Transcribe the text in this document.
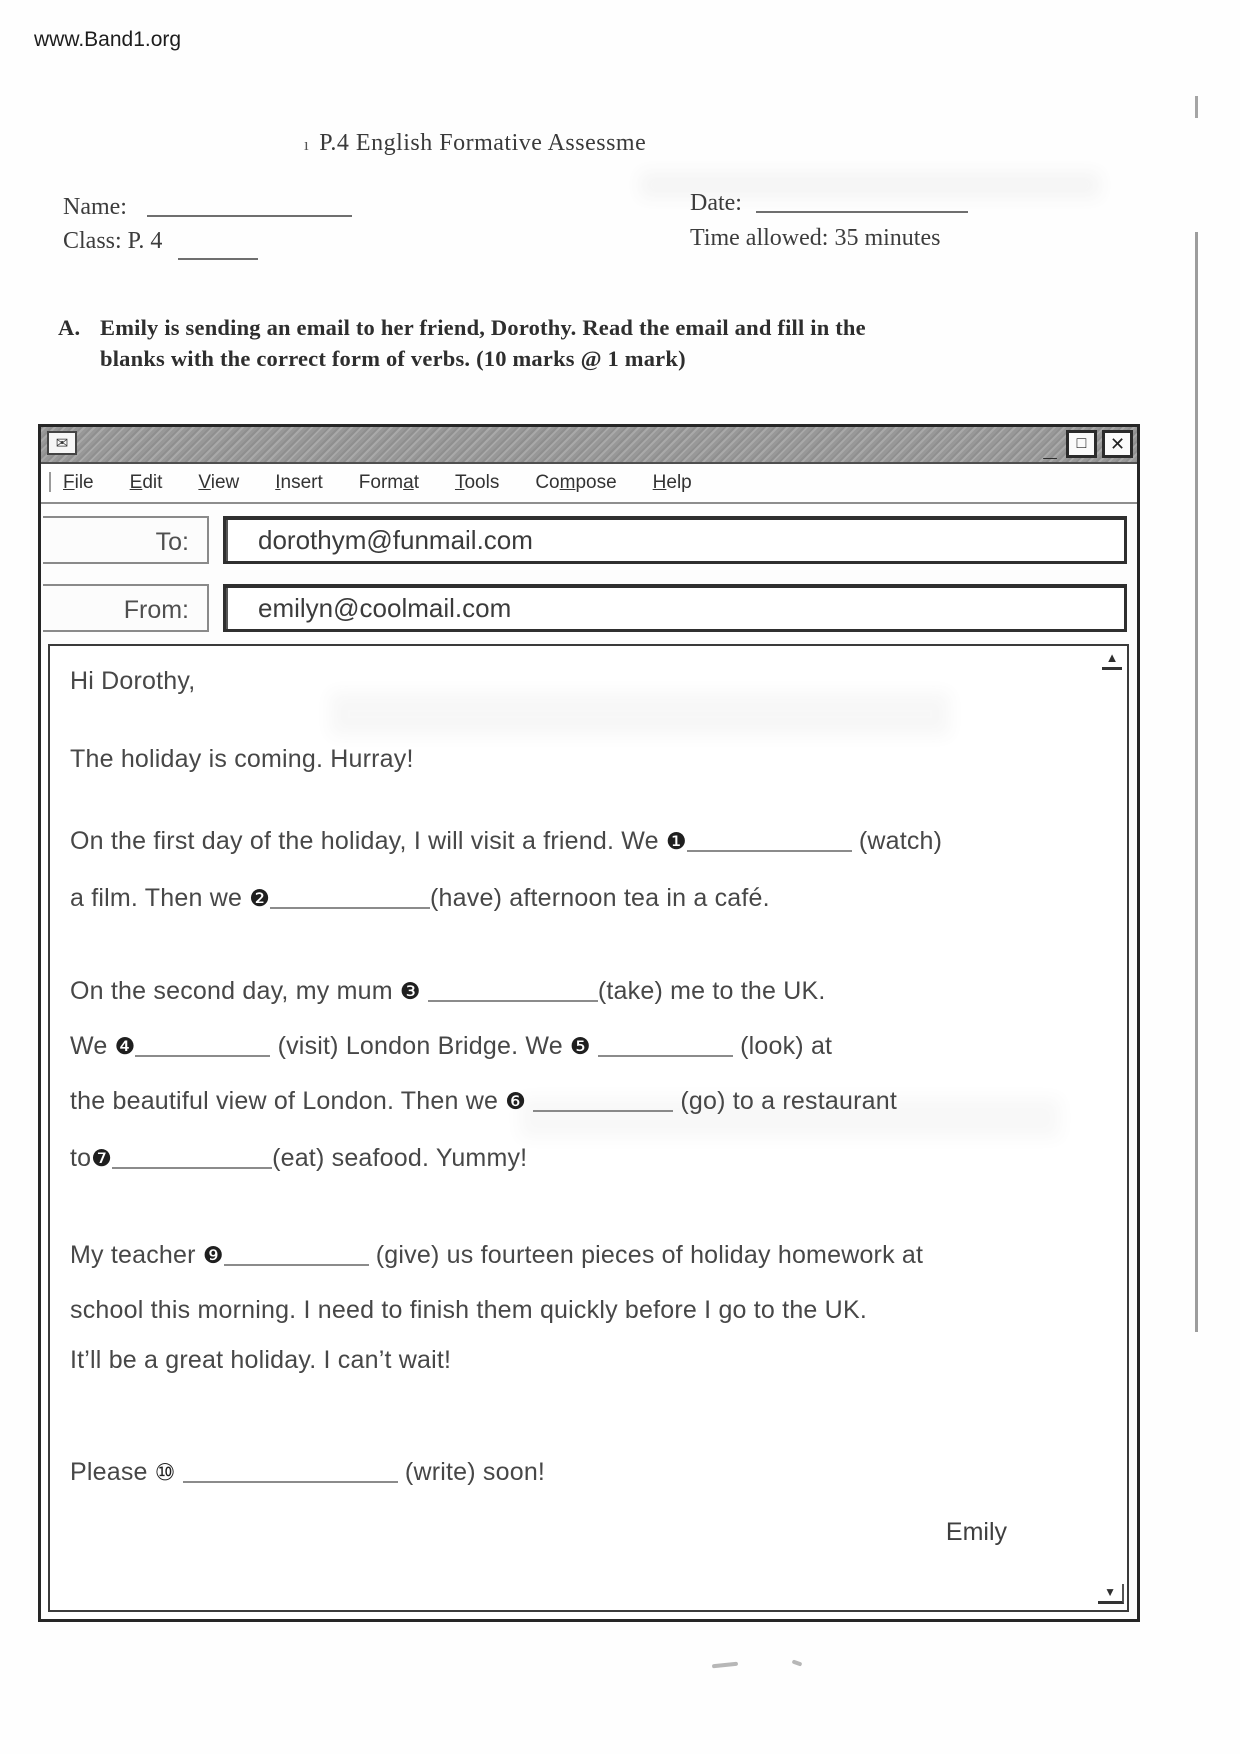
www.Band1.org
ı P.4 English Formative Assessme
Name:	Date:
Class: P. 4	Time allowed: 35 minutes
A. Emily is sending an email to her friend, Dorothy. Read the email and fill in the
blanks with the correct form of verbs. (10 marks @ 1 mark)
✉	_	□	✕
File Edit View Insert Format Tools Compose Help
To:	dorothym@funmail.com
From:	emilyn@coolmail.com
▲
Hi Dorothy,
The holiday is coming. Hurray!
On the first day of the holiday, I will visit a friend. We ❶	(watch)
a film. Then we ❷	(have) afternoon tea in a café.
On the second day, my mum ❸	(take) me to the UK.
We ❹	(visit) London Bridge. We ❺	(look) at
the beautiful view of London. Then we ❻	(go) to a restaurant
to❼	(eat) seafood. Yummy!
My teacher ❾	(give) us fourteen pieces of holiday homework at
school this morning. I need to finish them quickly before I go to the UK.
It’ll be a great holiday. I can’t wait!
Please ⑩	(write) soon!
Emily
▼
